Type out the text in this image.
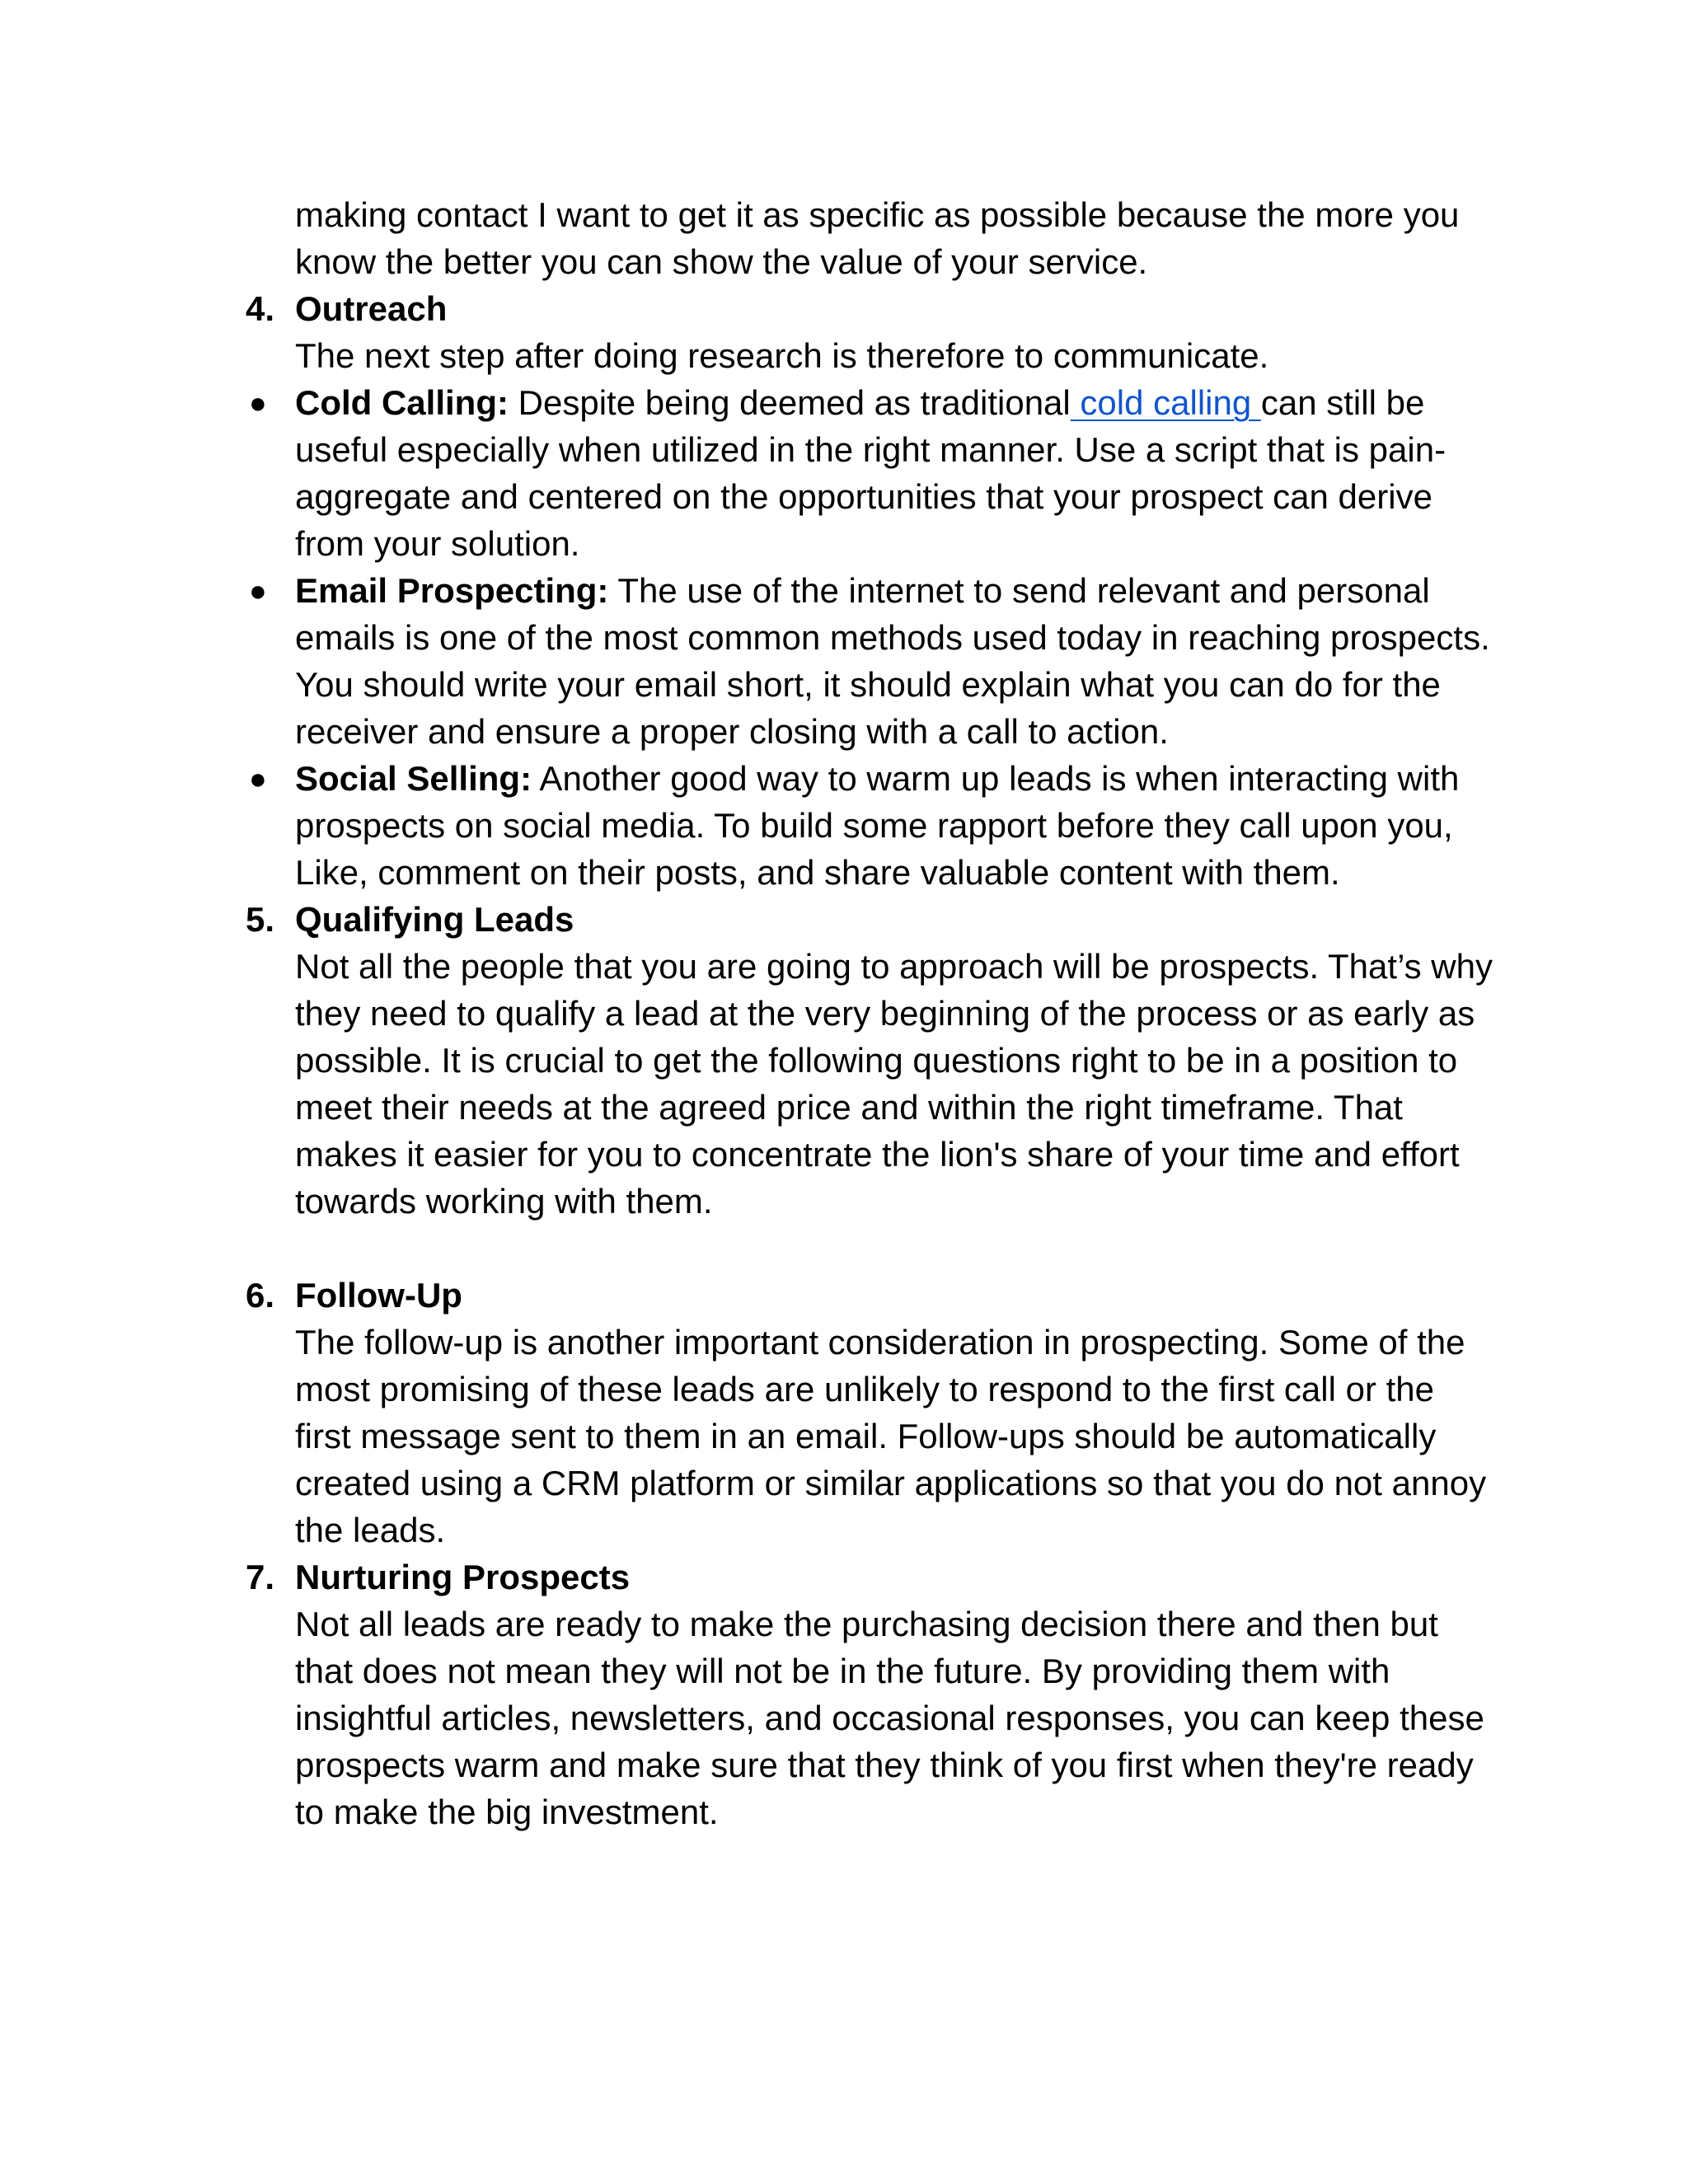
making contact I want to get it as specific as possible because the more you know the better you can show the value of your service.
4. Outreach
The next step after doing research is therefore to communicate.
● Cold Calling: Despite being deemed as traditional cold calling can still be useful especially when utilized in the right manner. Use a script that is pain-aggregate and centered on the opportunities that your prospect can derive from your solution.
● Email Prospecting: The use of the internet to send relevant and personal emails is one of the most common methods used today in reaching prospects. You should write your email short, it should explain what you can do for the receiver and ensure a proper closing with a call to action.
● Social Selling: Another good way to warm up leads is when interacting with prospects on social media. To build some rapport before they call upon you, Like, comment on their posts, and share valuable content with them.
5. Qualifying Leads
Not all the people that you are going to approach will be prospects. That’s why they need to qualify a lead at the very beginning of the process or as early as possible. It is crucial to get the following questions right to be in a position to meet their needs at the agreed price and within the right timeframe. That makes it easier for you to concentrate the lion's share of your time and effort towards working with them.
6. Follow-Up
The follow-up is another important consideration in prospecting. Some of the most promising of these leads are unlikely to respond to the first call or the first message sent to them in an email. Follow-ups should be automatically created using a CRM platform or similar applications so that you do not annoy the leads.
7. Nurturing Prospects
Not all leads are ready to make the purchasing decision there and then but that does not mean they will not be in the future. By providing them with insightful articles, newsletters, and occasional responses, you can keep these prospects warm and make sure that they think of you first when they're ready to make the big investment.
